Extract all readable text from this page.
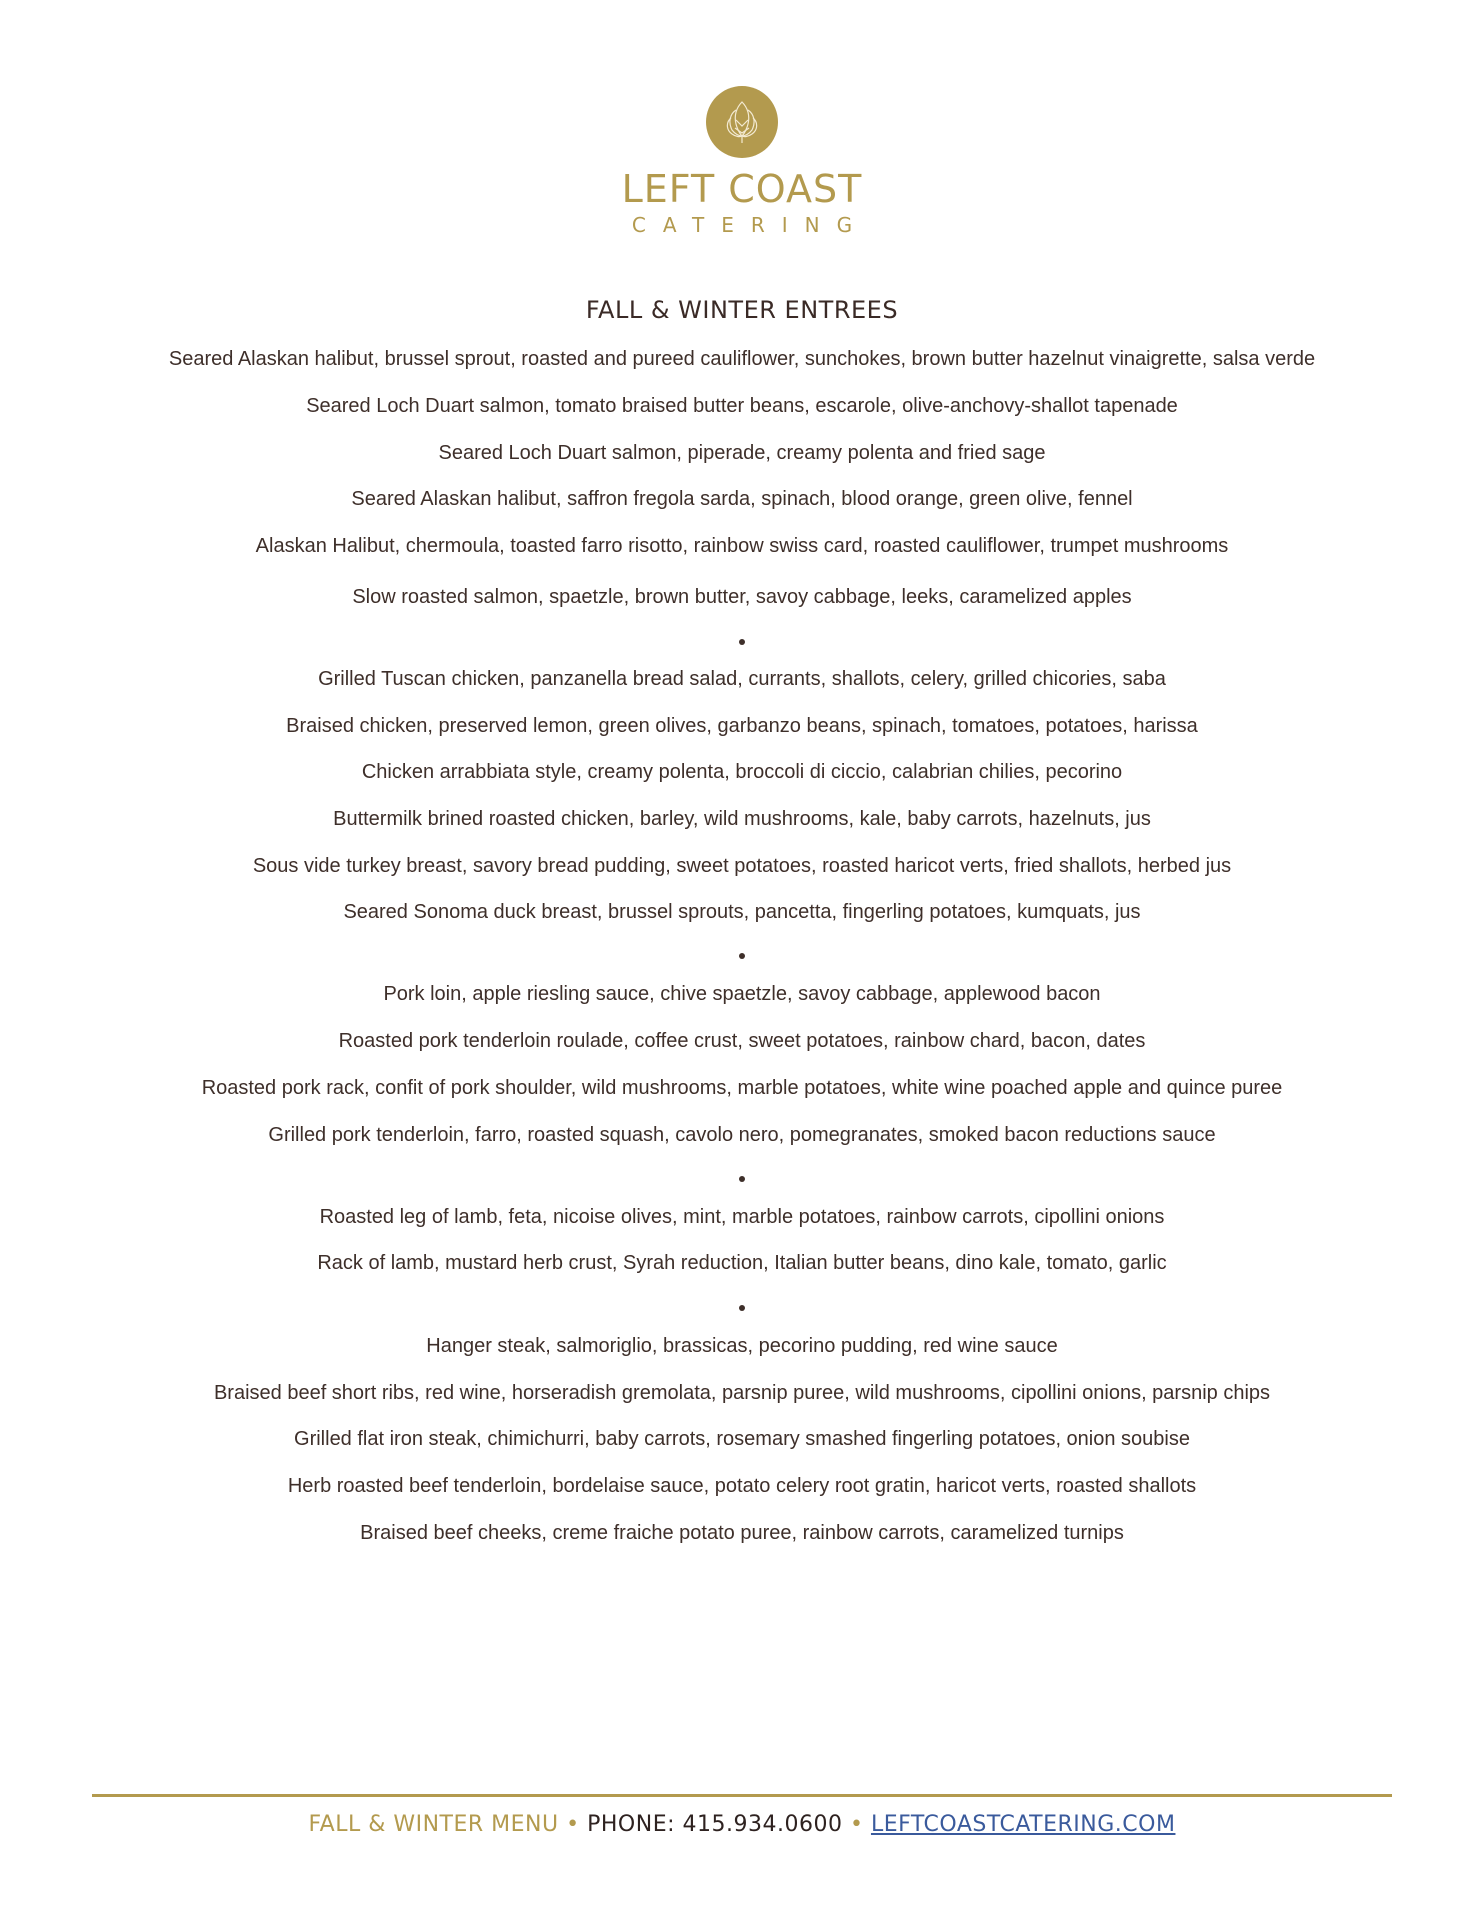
LEFT COAST
CATERING
FALL & WINTER ENTREES
Seared Alaskan halibut, brussel sprout, roasted and pureed cauliflower, sunchokes, brown butter hazelnut vinaigrette, salsa verde
Seared Loch Duart salmon, tomato braised butter beans, escarole, olive-anchovy-shallot tapenade
Seared Loch Duart salmon, piperade, creamy polenta and fried sage
Seared Alaskan halibut, saffron fregola sarda, spinach, blood orange, green olive, fennel
Alaskan Halibut, chermoula, toasted farro risotto, rainbow swiss card, roasted cauliflower, trumpet mushrooms
Slow roasted salmon, spaetzle, brown butter, savoy cabbage, leeks, caramelized apples
Grilled Tuscan chicken, panzanella bread salad, currants, shallots, celery, grilled chicories, saba
Braised chicken, preserved lemon, green olives, garbanzo beans, spinach, tomatoes, potatoes, harissa
Chicken arrabbiata style, creamy polenta, broccoli di ciccio, calabrian chilies, pecorino
Buttermilk brined roasted chicken, barley, wild mushrooms, kale, baby carrots, hazelnuts, jus
Sous vide turkey breast, savory bread pudding, sweet potatoes, roasted haricot verts, fried shallots, herbed jus
Seared Sonoma duck breast, brussel sprouts, pancetta, fingerling potatoes, kumquats, jus
Pork loin, apple riesling sauce, chive spaetzle, savoy cabbage, applewood bacon
Roasted pork tenderloin roulade, coffee crust, sweet potatoes, rainbow chard, bacon, dates
Roasted pork rack, confit of pork shoulder, wild mushrooms, marble potatoes, white wine poached apple and quince puree
Grilled pork tenderloin, farro, roasted squash, cavolo nero, pomegranates, smoked bacon reductions sauce
Roasted leg of lamb, feta, nicoise olives, mint, marble potatoes, rainbow carrots, cipollini onions
Rack of lamb, mustard herb crust, Syrah reduction, Italian butter beans, dino kale, tomato, garlic
Hanger steak, salmoriglio, brassicas, pecorino pudding, red wine sauce
Braised beef short ribs, red wine, horseradish gremolata, parsnip puree, wild mushrooms, cipollini onions, parsnip chips
Grilled flat iron steak, chimichurri, baby carrots, rosemary smashed fingerling potatoes, onion soubise
Herb roasted beef tenderloin, bordelaise sauce, potato celery root gratin, haricot verts, roasted shallots
Braised beef cheeks, creme fraiche potato puree, rainbow carrots, caramelized turnips
FALL & WINTER MENU • PHONE: 415.934.0600 • LEFTCOASTCATERING.COM
